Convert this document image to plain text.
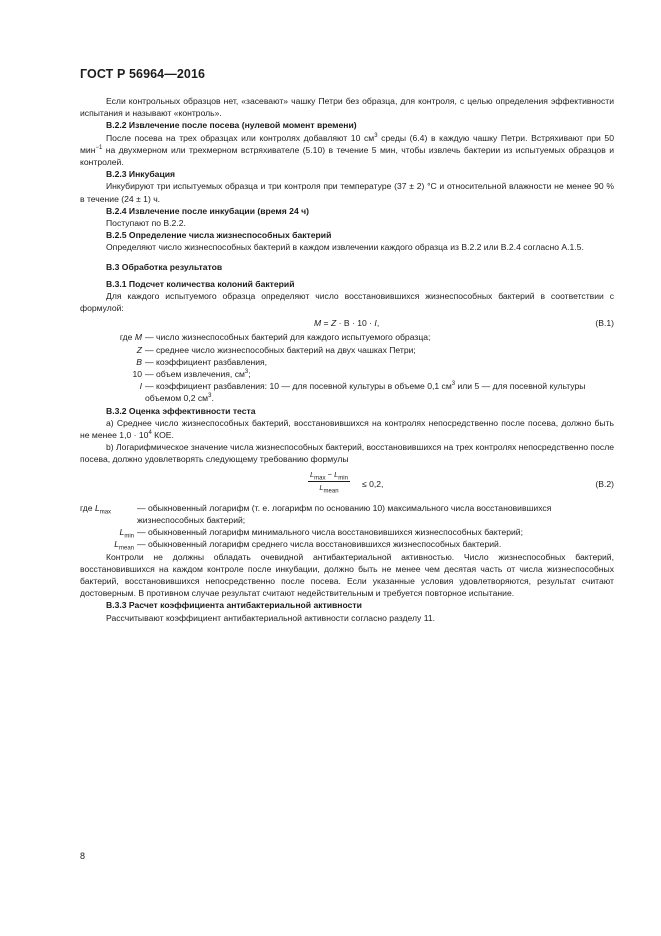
ГОСТ Р 56964—2016

Если контрольных образцов нет, «засевают» чашку Петри без образца, для контроля, с целью определения эффективности испытания и называют «контроль».

B.2.2 Извлечение после посева (нулевой момент времени)

После посева на трех образцах или контролях добавляют 10 $см^3$ среды (6.4) в каждую чашку Петри. Встряхивают при 50 мин$^{-1}$ на двухмерном или трехмерном встряхивателе (5.10) в течение 5 мин, чтобы извлечь бактерии из испытуемых образцов и контролей.

B.2.3 Инкубация

Инкубируют три испытуемых образца и три контроля при температуре (37 ± 2) °С и относительной влажности не менее 90 % в течение (24 ± 1) ч.

B.2.4 Извлечение после инкубации (время 24 ч)

Поступают по B.2.2.

B.2.5 Определение числа жизнеспособных бактерий

Определяют число жизнеспособных бактерий в каждом извлечении каждого образца из B.2.2 или B.2.4 согласно А.1.5.

B.3 Обработка результатов

B.3.1 Подсчет количества колоний бактерий

Для каждого испытуемого образца определяют число восстановившихся жизнеспособных бактерий в соответствии с формулой:

M = Z · B · 10 · I,	(B.1)
где M — число жизнеспособных бактерий для каждого испытуемого образца;
Z — среднее число жизнеспособных бактерий на двух чашках Петри;
B — коэффициент разбавления,
10 — объем извлечения, $см^3$;
I — коэффициент разбавления: 10 — для посевной культуры в объеме 0,1 $см^3$ или 5 — для посевной культуры объемом 0,2 $см^3$.

B.3.2 Оценка эффективности теста

а) Среднее число жизнеспособных бактерий, восстановившихся на контролях непосредственно после посева, должно быть не менее $1,0 \cdot 10^4$ КОЕ.

b) Логарифмическое значение числа жизнеспособных бактерий, восстановившихся на трех контролях непосредственно после посева, должно удовлетворять следующему требованию формулы

$L_{max} - L_{min}$
$L_{mean}$
≤ 0,2,	(B.2)
где $L_{max}$	— обыкновенный логарифм (т. е. логарифм по основанию 10) максимального числа восстановившихся жизнеспособных бактерий;
$L_{min}$ — обыкновенный логарифм минимального числа восстановившихся жизнеспособных бактерий;
$L_{mean}$ — обыкновенный логарифм среднего числа восстановившихся жизнеспособных бактерий.

Контроли не должны обладать очевидной антибактериальной активностью. Число жизнеспособных бактерий, восстановившихся на каждом контроле после инкубации, должно быть не менее чем десятая часть от числа жизнеспособных бактерий, восстановившихся непосредственно после посева. Если указанные условия удовлетворяются, результат считают достоверным. В противном случае результат считают недействительным и требуется повторное испытание.

B.3.3 Расчет коэффициента антибактериальной активности

Рассчитывают коэффициент антибактериальной активности согласно разделу 11.

8
